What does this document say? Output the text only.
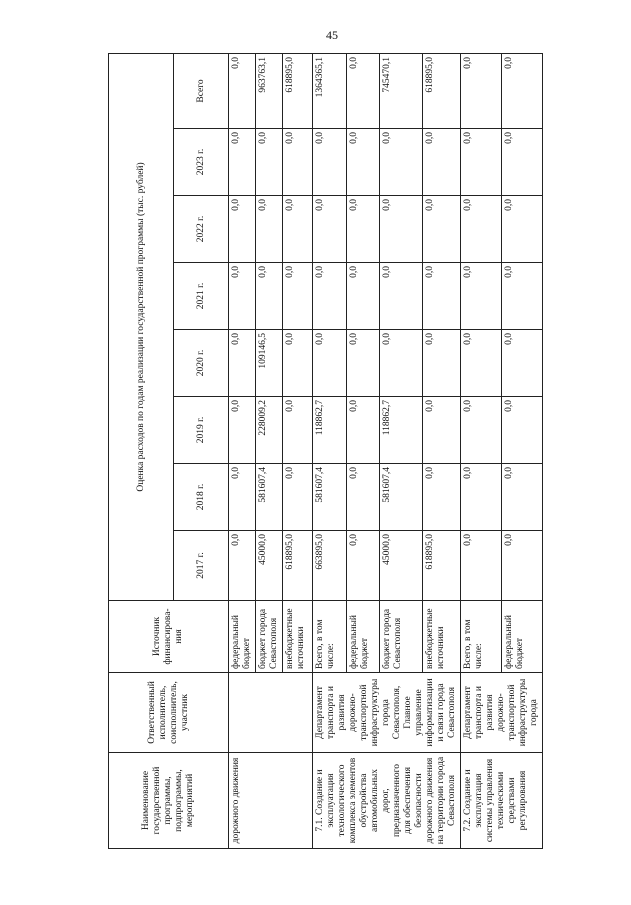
45
Наименование государственной программы, подпрограммы, мероприятий	Ответственный исполнитель, соисполнитель, участник	Источник финансирова-ния	Оценка расходов по годам реализации государственной программы (тыс. рублей)							
			2017 г.	2018 г.	2019 г.	2020 г.	2021 г.	2022 г.	2023 г.	Всего
дорожного движения		федеральный бюджет	0,0	0,0	0,0	0,0	0,0	0,0	0,0	0,0
		бюджет города Севастополя	45000,0	581607,4	228009,2	109146,5	0,0	0,0	0,0	963763,1
		внебюджетные источники	618895,0	0,0	0,0	0,0	0,0	0,0	0,0	618895,0
7.1. Создание и эксплуатация технологического комплекса элементов обустройства автомобильных дорог, предназначенного для обеспечения безопасности дорожного движения на территории города Севастополя	Департамент транспорта и развития дорожно-транспортной инфраструктуры города Севастополя, Главное управление информатизации и связи города Севастополя	Всего, в том числе:	663895,0	581607,4	118862,7	0,0	0,0	0,0	0,0	1364365,1
		федеральный бюджет	0,0	0,0	0,0	0,0	0,0	0,0	0,0	0,0
		бюджет города Севастополя	45000,0	581607,4	118862,7	0,0	0,0	0,0	0,0	745470,1
		внебюджетные источники	618895,0	0,0	0,0	0,0	0,0	0,0	0,0	618895,0
7.2. Создание и эксплуатация системы управления техническими средствами регулирования	Департамент транспорта и развития дорожно-транспортной инфраструктуры города	Всего, в том числе:	0,0	0,0	0,0	0,0	0,0	0,0	0,0	0,0
		федеральный бюджет	0,0	0,0	0,0	0,0	0,0	0,0	0,0	0,0
